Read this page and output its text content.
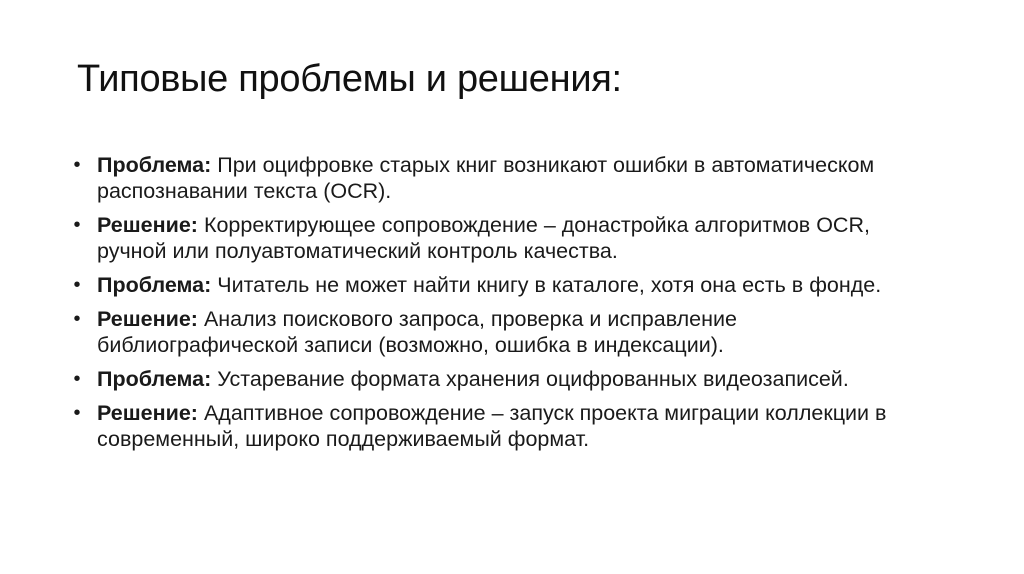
Типовые проблемы и решения:
• Проблема: При оцифровке старых книг возникают ошибки в автоматическом распознавании текста (OCR).
• Решение: Корректирующее сопровождение – донастройка алгоритмов OCR, ручной или полуавтоматический контроль качества.
• Проблема: Читатель не может найти книгу в каталоге, хотя она есть в фонде.
• Решение: Анализ поискового запроса, проверка и исправление библиографической записи (возможно, ошибка в индексации).
• Проблема: Устаревание формата хранения оцифрованных видеозаписей.
• Решение: Адаптивное сопровождение – запуск проекта миграции коллекции в современный, широко поддерживаемый формат.
